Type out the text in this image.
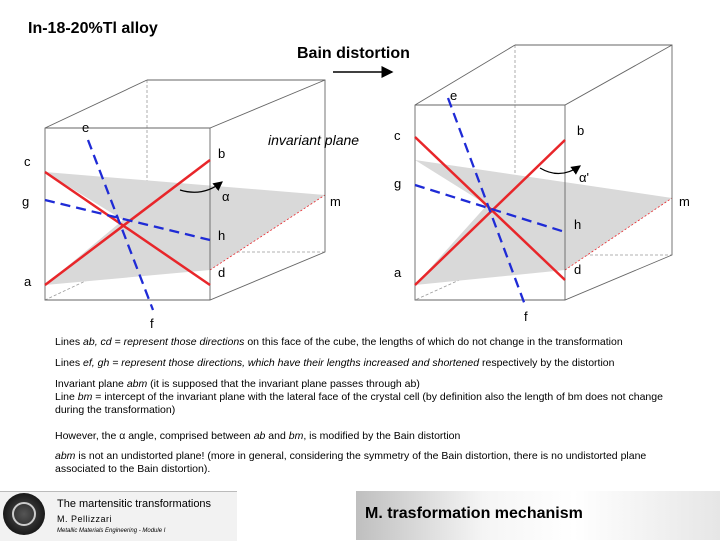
In-18-20%Tl alloy
Bain distortion
e
c
b
g	α
h
d
a
f
invariant plane
m
e
c	b
g	α'
m
h
d
a
f
Lines ab, cd = represent those directions on this face of the cube, the lengths of which do not change in the transformation
Lines ef, gh = represent those directions, which have their lengths increased and shortened respectively by the distortion
Invariant plane abm (it is supposed that the invariant plane passes through ab)
Line bm = intercept of the invariant plane with the lateral face of the crystal cell (by definition also the length of bm does not change during the transformation)
However, the α angle, comprised between ab and bm, is modified by the Bain distortion
abm is not an undistorted plane! (more in general, considering the symmetry of the Bain distortion, there is no undistorted plane associated to the Bain distortion).
The martensitic transformations
M. Pellizzari
Metallic Materials Engineering - Module I
M. trasformation mechanism
